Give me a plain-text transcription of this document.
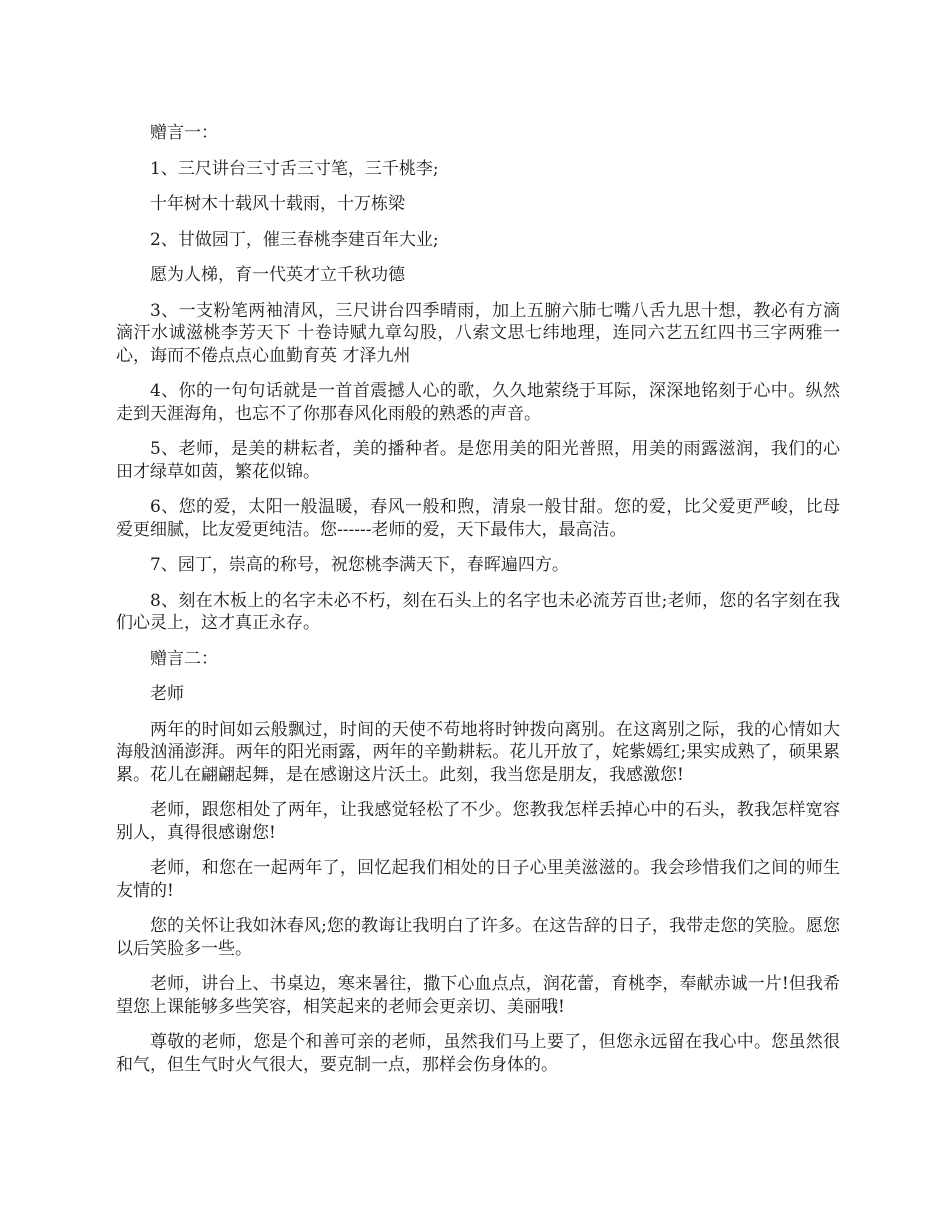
赠言一：

1、三尺讲台三寸舌三寸笔，三千桃李;

十年树木十载风十载雨，十万栋梁

2、甘做园丁，催三春桃李建百年大业;

愿为人梯，育一代英才立千秋功德

3、一支粉笔两袖清风，三尺讲台四季晴雨，加上五腑六肺七嘴八舌九思十想，教必有方滴滴汗水诚滋桃李芳天下 十卷诗赋九章勾股，八索文思七纬地理，连同六艺五红四书三字两雅一心，诲而不倦点点心血勤育英 才泽九州

4、你的一句句话就是一首首震撼人心的歌，久久地萦绕于耳际，深深地铭刻于心中。纵然走到天涯海角，也忘不了你那春风化雨般的熟悉的声音。

5、老师，是美的耕耘者，美的播种者。是您用美的阳光普照，用美的雨露滋润，我们的心田才绿草如茵，繁花似锦。

6、您的爱，太阳一般温暖，春风一般和煦，清泉一般甘甜。您的爱，比父爱更严峻，比母爱更细腻，比友爱更纯洁。您------老师的爱，天下最伟大，最高洁。

7、园丁，崇高的称号，祝您桃李满天下，春晖遍四方。

8、刻在木板上的名字未必不朽，刻在石头上的名字也未必流芳百世;老师，您的名字刻在我们心灵上，这才真正永存。

赠言二：

老师

两年的时间如云般飘过，时间的天使不苟地将时钟拨向离别。在这离别之际，我的心情如大海般汹涌澎湃。两年的阳光雨露，两年的辛勤耕耘。花儿开放了，姹紫嫣红;果实成熟了，硕果累累。花儿在翩翩起舞，是在感谢这片沃土。此刻，我当您是朋友，我感激您!

老师，跟您相处了两年，让我感觉轻松了不少。您教我怎样丢掉心中的石头，教我怎样宽容别人，真得很感谢您!

老师，和您在一起两年了，回忆起我们相处的日子心里美滋滋的。我会珍惜我们之间的师生友情的!

您的关怀让我如沐春风;您的教诲让我明白了许多。在这告辞的日子，我带走您的笑脸。愿您以后笑脸多一些。

老师，讲台上、书桌边，寒来暑往，撒下心血点点，润花蕾，育桃李，奉献赤诚一片!但我希望您上课能够多些笑容，相笑起来的老师会更亲切、美丽哦!

尊敬的老师，您是个和善可亲的老师，虽然我们马上要了，但您永远留在我心中。您虽然很和气，但生气时火气很大，要克制一点，那样会伤身体的。
